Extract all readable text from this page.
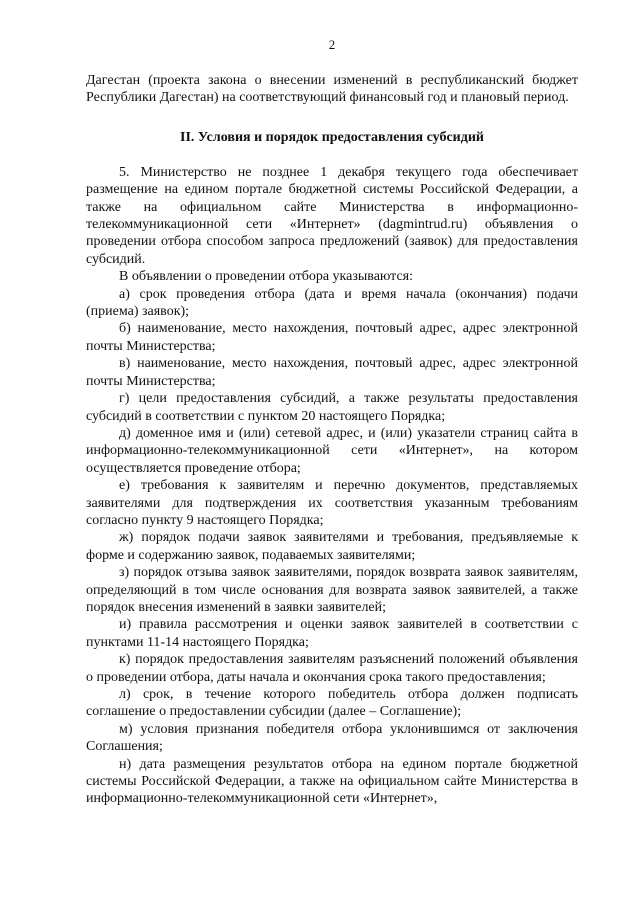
2

Дагестан (проекта закона о внесении изменений в республиканский бюджет Республики Дагестан) на соответствующий финансовый год и плановый период.

II. Условия и порядок предоставления субсидий

5. Министерство не позднее 1 декабря текущего года обеспечивает размещение на едином портале бюджетной системы Российской Федерации, а также на официальном сайте Министерства в информационно-телекоммуникационной сети «Интернет» (dagmintrud.ru) объявления о проведении отбора способом запроса предложений (заявок) для предоставления субсидий.

В объявлении о проведении отбора указываются:

а) срок проведения отбора (дата и время начала (окончания) подачи (приема) заявок);

б) наименование, место нахождения, почтовый адрес, адрес электронной почты Министерства;

в) наименование, место нахождения, почтовый адрес, адрес электронной почты Министерства;

г) цели предоставления субсидий, а также результаты предоставления субсидий в соответствии с пунктом 20 настоящего Порядка;

д) доменное имя и (или) сетевой адрес, и (или) указатели страниц сайта в информационно-телекоммуникационной сети «Интернет», на котором осуществляется проведение отбора;

е) требования к заявителям и перечню документов, представляемых заявителями для подтверждения их соответствия указанным требованиям согласно пункту 9 настоящего Порядка;

ж) порядок подачи заявок заявителями и требования, предъявляемые к форме и содержанию заявок, подаваемых заявителями;

з) порядок отзыва заявок заявителями, порядок возврата заявок заявителям, определяющий в том числе основания для возврата заявок заявителей, а также порядок внесения изменений в заявки заявителей;

и) правила рассмотрения и оценки заявок заявителей в соответствии с пунктами 11-14 настоящего Порядка;

к) порядок предоставления заявителям разъяснений положений объявления о проведении отбора, даты начала и окончания срока такого предоставления;

л) срок, в течение которого победитель отбора должен подписать соглашение о предоставлении субсидии (далее – Соглашение);

м) условия признания победителя отбора уклонившимся от заключения Соглашения;

н) дата размещения результатов отбора на едином портале бюджетной системы Российской Федерации, а также на официальном сайте Министерства в информационно-телекоммуникационной сети «Интернет»,
